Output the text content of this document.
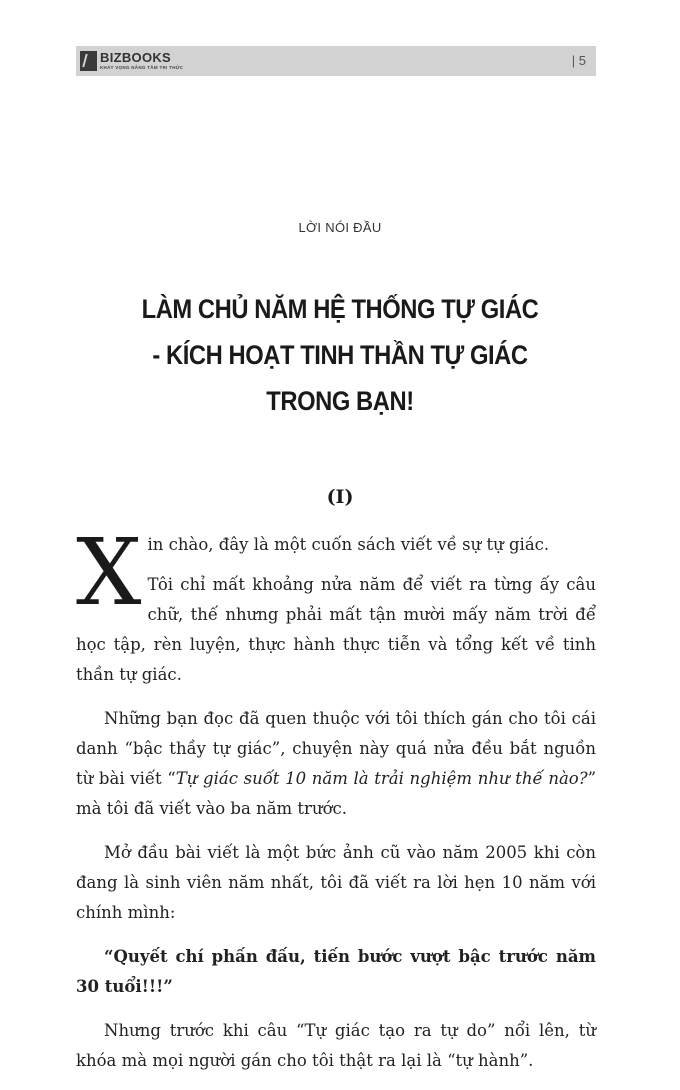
BIZBOOKS
KHÁT VỌNG NÂNG TẦM TRI THỨC	| 5
LỜI NÓI ĐẦU
LÀM CHỦ NĂM HỆ THỐNG TỰ GIÁC
- KÍCH HOẠT TINH THẦN TỰ GIÁC
TRONG BẠN!
(I)
X in chào, đây là một cuốn sách viết về sự tự giác.

Tôi chỉ mất khoảng nửa năm để viết ra từng ấy câu chữ, thế nhưng phải mất tận mười mấy năm trời để học tập, rèn luyện, thực hành thực tiễn và tổng kết về tinh thần tự giác.

Những bạn đọc đã quen thuộc với tôi thích gán cho tôi cái danh “bậc thầy tự giác”, chuyện này quá nửa đều bắt nguồn từ bài viết “Tự giác suốt 10 năm là trải nghiệm như thế nào?” mà tôi đã viết vào ba năm trước.

Mở đầu bài viết là một bức ảnh cũ vào năm 2005 khi còn đang là sinh viên năm nhất, tôi đã viết ra lời hẹn 10 năm với chính mình:

“Quyết chí phấn đấu, tiến bước vượt bậc trước năm 30 tuổi!!!”

Nhưng trước khi câu “Tự giác tạo ra tự do” nổi lên, từ khóa mà mọi người gán cho tôi thật ra lại là “tự hành”.
